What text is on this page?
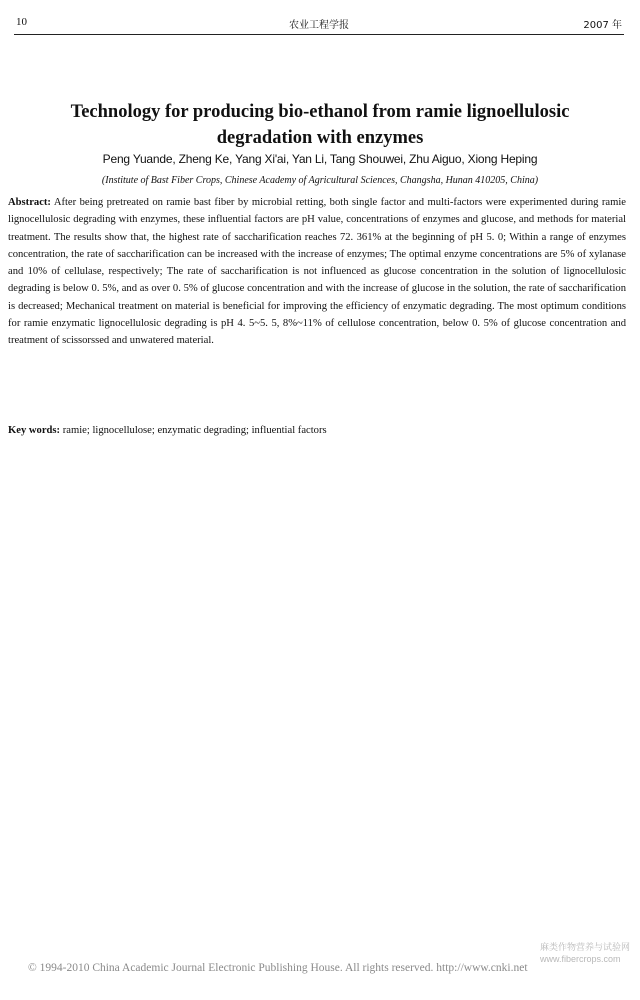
10	农业工程学报	2007 年
Technology for producing bio-ethanol from ramie lignoellulosic
degradation with enzymes
Peng Yuande, Zheng Ke, Yang Xi'ai, Yan Li, Tang Shouwei, Zhu Aiguo, Xiong Heping
(Institute of Bast Fiber Crops, Chinese Academy of Agricultural Sciences, Changsha, Hunan 410205, China)
Abstract: After being pretreated on ramie bast fiber by microbial retting, both single factor and multi-factors were experimented during ramie lignocellulosic degrading with enzymes, these influential factors are pH value, concentrations of enzymes and glucose, and methods for material treatment. The results show that, the highest rate of saccharification reaches 72. 361% at the beginning of pH 5. 0; Within a range of enzymes concentration, the rate of saccharification can be increased with the increase of enzymes; The optimal enzyme concentrations are 5% of xylanase and 10% of cellulase, respectively; The rate of saccharification is not influenced as glucose concentration in the solution of lignocellulosic degrading is below 0. 5%, and as over 0. 5% of glucose concentration and with the increase of glucose in the solution, the rate of saccharification is decreased; Mechanical treatment on material is beneficial for improving the efficiency of enzymatic degrading. The most optimum conditions for ramie enzymatic lignocellulosic degrading is pH 4. 5~5. 5, 8%~11% of cellulose concentration, below 0. 5% of glucose concentration and treatment of scissorssed and unwatered material.
Key words: ramie; lignocellulose; enzymatic degrading; influential factors
麻类作物营养与试验网
www.fibercrops.com
© 1994-2010 China Academic Journal Electronic Publishing House. All rights reserved. http://www.cnki.net
